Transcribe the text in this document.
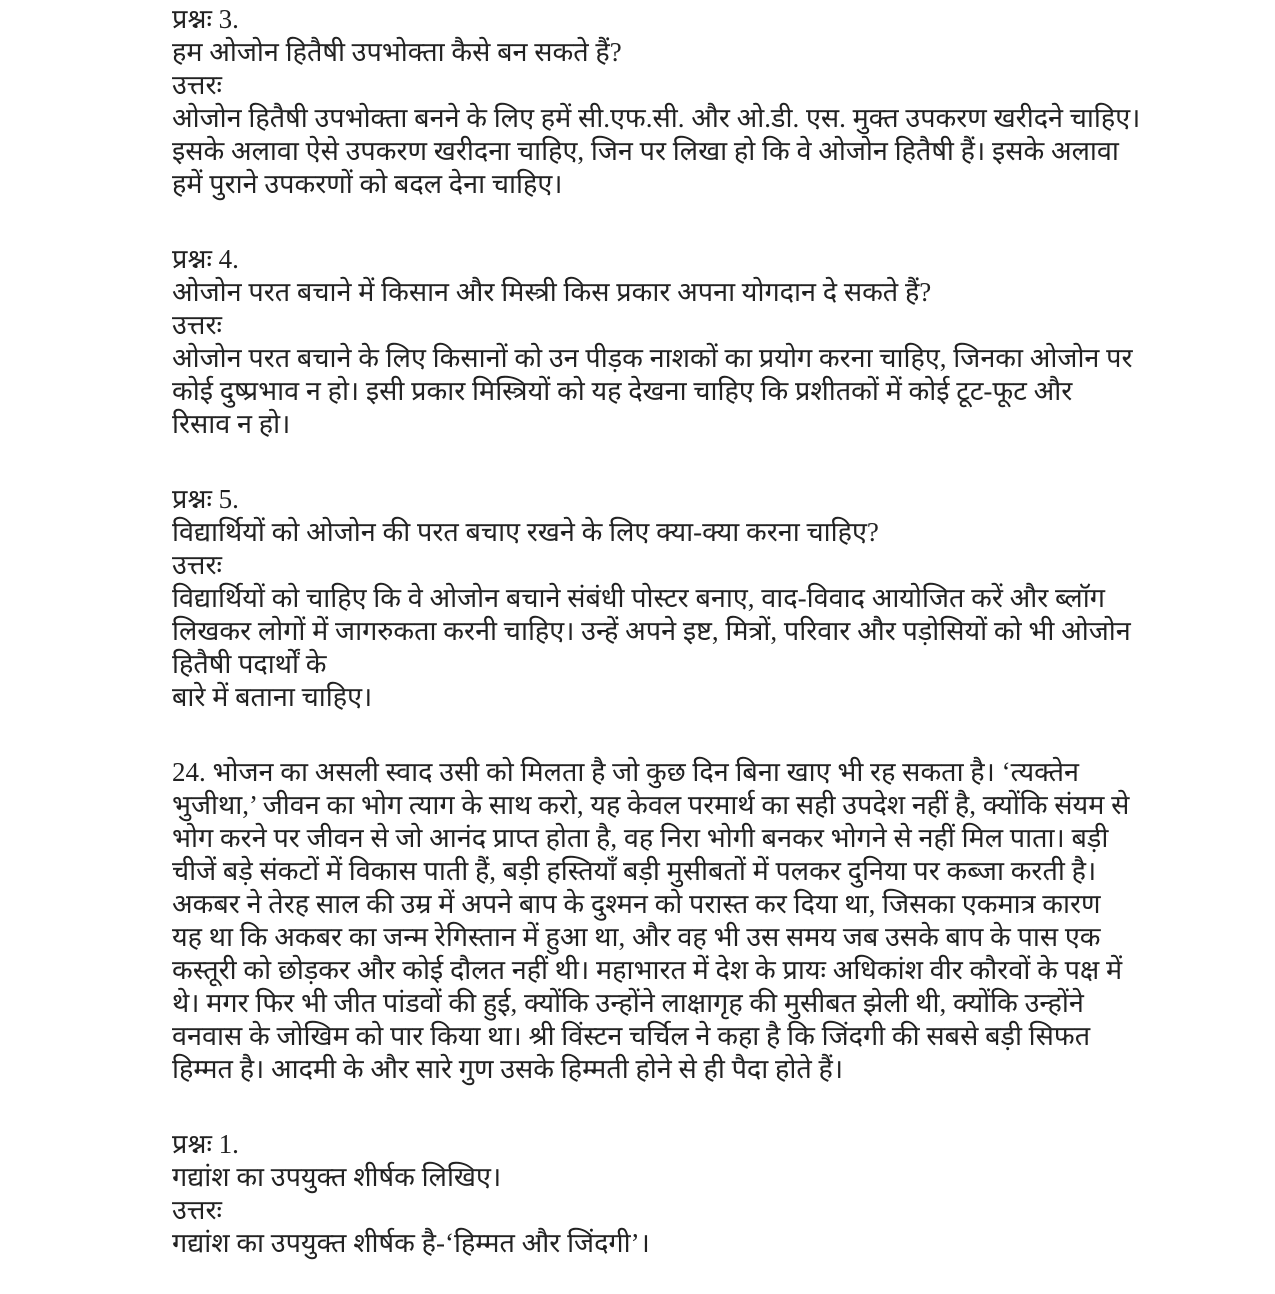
प्रश्नः 3.
हम ओजोन हितैषी उपभोक्ता कैसे बन सकते हैं?
उत्तरः
ओजोन हितैषी उपभोक्ता बनने के लिए हमें सी.एफ.सी. और ओ.डी. एस. मुक्त उपकरण खरीदने चाहिए।
इसके अलावा ऐसे उपकरण खरीदना चाहिए, जिन पर लिखा हो कि वे ओजोन हितैषी हैं। इसके अलावा
हमें पुराने उपकरणों को बदल देना चाहिए।
प्रश्नः 4.
ओजोन परत बचाने में किसान और मिस्त्री किस प्रकार अपना योगदान दे सकते हैं?
उत्तरः
ओजोन परत बचाने के लिए किसानों को उन पीड़क नाशकों का प्रयोग करना चाहिए, जिनका ओजोन पर
कोई दुष्प्रभाव न हो। इसी प्रकार मिस्त्रियों को यह देखना चाहिए कि प्रशीतकों में कोई टूट-फूट और
रिसाव न हो।
प्रश्नः 5.
विद्यार्थियों को ओजोन की परत बचाए रखने के लिए क्या-क्या करना चाहिए?
उत्तरः
विद्यार्थियों को चाहिए कि वे ओजोन बचाने संबंधी पोस्टर बनाए, वाद-विवाद आयोजित करें और ब्लॉग
लिखकर लोगों में जागरुकता करनी चाहिए। उन्हें अपने इष्ट, मित्रों, परिवार और पड़ोसियों को भी ओजोन
हितैषी पदार्थों के
बारे में बताना चाहिए।
24. भोजन का असली स्वाद उसी को मिलता है जो कुछ दिन बिना खाए भी रह सकता है। ‘त्यक्तेन
भुजीथा,’ जीवन का भोग त्याग के साथ करो, यह केवल परमार्थ का सही उपदेश नहीं है, क्योंकि संयम से
भोग करने पर जीवन से जो आनंद प्राप्त होता है, वह निरा भोगी बनकर भोगने से नहीं मिल पाता। बड़ी
चीजें बड़े संकटों में विकास पाती हैं, बड़ी हस्तियाँ बड़ी मुसीबतों में पलकर दुनिया पर कब्जा करती है।
अकबर ने तेरह साल की उम्र में अपने बाप के दुश्मन को परास्त कर दिया था, जिसका एकमात्र कारण
यह था कि अकबर का जन्म रेगिस्तान में हुआ था, और वह भी उस समय जब उसके बाप के पास एक
कस्तूरी को छोड़कर और कोई दौलत नहीं थी। महाभारत में देश के प्रायः अधिकांश वीर कौरवों के पक्ष में
थे। मगर फिर भी जीत पांडवों की हुई, क्योंकि उन्होंने लाक्षागृह की मुसीबत झेली थी, क्योंकि उन्होंने
वनवास के जोखिम को पार किया था। श्री विंस्टन चर्चिल ने कहा है कि जिंदगी की सबसे बड़ी सिफत
हिम्मत है। आदमी के और सारे गुण उसके हिम्मती होने से ही पैदा होते हैं।
प्रश्नः 1.
गद्यांश का उपयुक्त शीर्षक लिखिए।
उत्तरः
गद्यांश का उपयुक्त शीर्षक है-‘हिम्मत और जिंदगी’।
